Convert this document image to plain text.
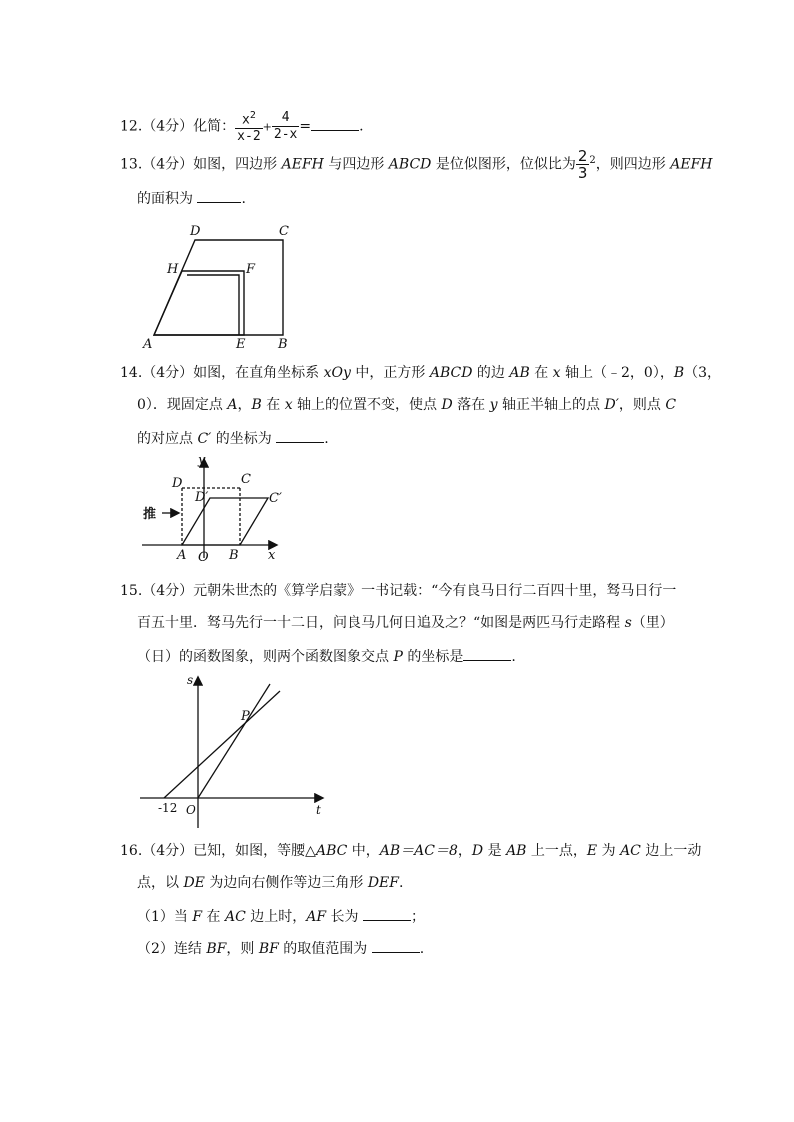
12.（4分）化简： $\frac{x^2}{x-2} + \frac{4}{2-x}$ =	.
13.（4分）如图，四边形 AEFH 与四边形 ABCD 是位似图形，位似比为 $\frac{2}{3} ^2$，则四边形 AEFH
的面积为	.
D	C
H	F
A	E	B
14.（4分）如图，在直角坐标系 xOy 中，正方形 ABCD 的边 AB 在 x 轴上（﹣2，0），B（3，
0）．现固定点 A，B 在 x 轴上的位置不变，使点 D 落在 y 轴正半轴上的点 D′，则点 C
的对应点 C′ 的坐标为	.
y
D	C
D′	C′
推
A O B x
15.（4分）元朝朱世杰的《算学启蒙》一书记载：“今有良马日行二百四十里，驽马日行一
百五十里．驽马先行一十二日，问良马几何日追及之？“如图是两匹马行走路程 s（里）
（日）的函数图象，则两个函数图象交点 P 的坐标是	.
s
P
-12 O	t
16.（4分）已知，如图，等腰△ABC 中，AB＝AC＝8，D 是 AB 上一点，E 为 AC 边上一动
点，以 DE 为边向右侧作等边三角形 DEF.
（1）当 F 在 AC 边上时，AF 长为	；
（2）连结 BF，则 BF 的取值范围为	.
